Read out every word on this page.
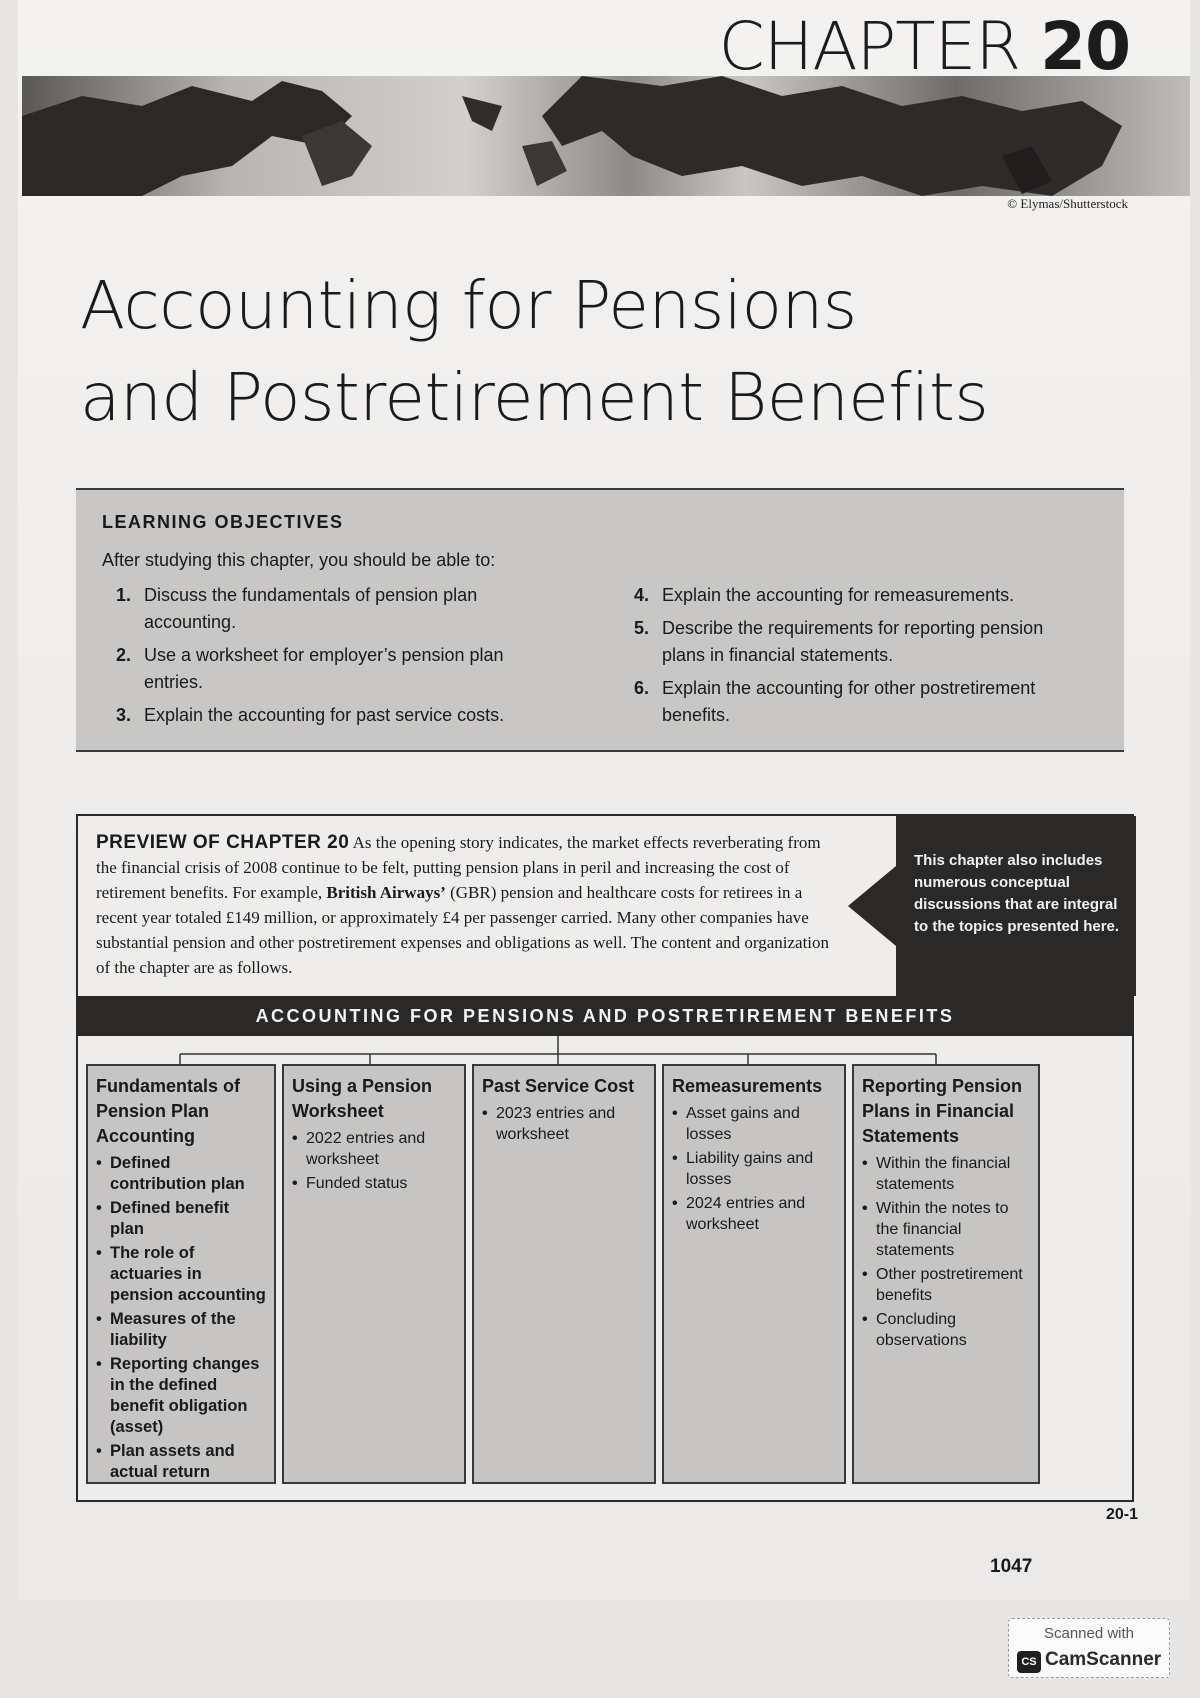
CHAPTER 20
© Elymas/Shutterstock
Accounting for Pensions
and Postretirement Benefits
LEARNING OBJECTIVES
After studying this chapter, you should be able to:
1. Discuss the fundamentals of pension plan accounting.
2. Use a worksheet for employer’s pension plan entries.
3. Explain the accounting for past service costs.
4. Explain the accounting for remeasurements.
5. Describe the requirements for reporting pension plans in financial statements.
6. Explain the accounting for other postretirement benefits.
PREVIEW OF CHAPTER 20 As the opening story indicates, the market effects reverberating from the financial crisis of 2008 continue to be felt, putting pension plans in peril and increasing the cost of retirement benefits. For example, British Airways’ (GBR) pension and healthcare costs for retirees in a recent year totaled £149 million, or approximately £4 per passenger carried. Many other companies have substantial pension and other postretirement expenses and obligations as well. The content and organization of the chapter are as follows.
This chapter also includes numerous conceptual discussions that are integral to the topics presented here.
ACCOUNTING FOR PENSIONS AND POSTRETIREMENT BENEFITS
Fundamentals of Pension Plan Accounting
• Defined contribution plan
• Defined benefit plan
• The role of actuaries in pension accounting
• Measures of the liability
• Reporting changes in the defined benefit obligation (asset)
• Plan assets and actual return
Using a Pension Worksheet
• 2022 entries and worksheet
• Funded status
Past Service Cost
• 2023 entries and worksheet
Remeasurements
• Asset gains and losses
• Liability gains and losses
• 2024 entries and worksheet
Reporting Pension Plans in Financial Statements
• Within the financial statements
• Within the notes to the financial statements
• Other postretirement benefits
• Concluding observations
20-1
1047
Scanned with
CS CamScanner
